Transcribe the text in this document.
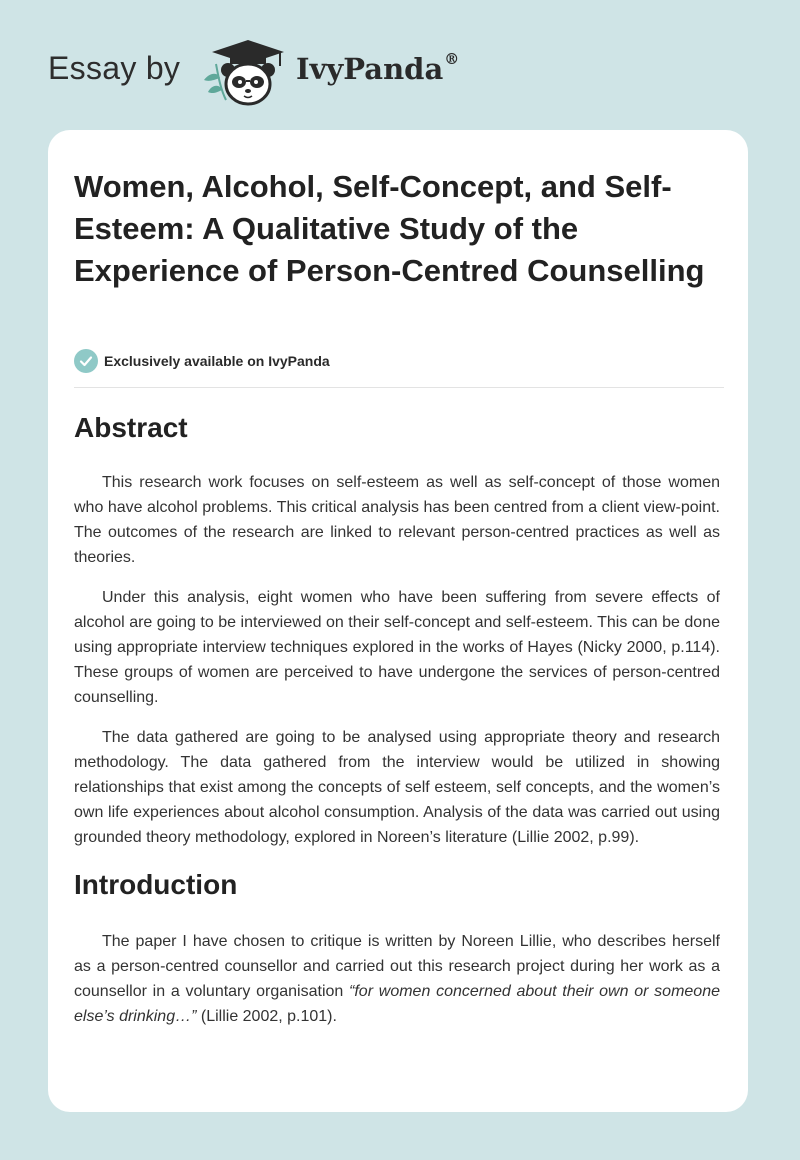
Essay by	IvyPanda®
Women, Alcohol, Self-Concept, and Self-Esteem: A Qualitative Study of the Experience of Person-Centred Counselling
Exclusively available on IvyPanda
Abstract

This research work focuses on self-esteem as well as self-concept of those women who have alcohol problems. This critical analysis has been centred from a client view-point. The outcomes of the research are linked to relevant person-centred practices as well as theories.

Under this analysis, eight women who have been suffering from severe effects of alcohol are going to be interviewed on their self-concept and self-esteem. This can be done using appropriate interview techniques explored in the works of Hayes (Nicky 2000, p.114). These groups of women are perceived to have undergone the services of person-centred counselling.

The data gathered are going to be analysed using appropriate theory and research methodology. The data gathered from the interview would be utilized in showing relationships that exist among the concepts of self esteem, self concepts, and the women’s own life experiences about alcohol consumption. Analysis of the data was carried out using grounded theory methodology, explored in Noreen’s literature (Lillie 2002, p.99).

Introduction

The paper I have chosen to critique is written by Noreen Lillie, who describes herself as a person-centred counsellor and carried out this research project during her work as a counsellor in a voluntary organisation “for women concerned about their own or someone else’s drinking…” (Lillie 2002, p.101).
